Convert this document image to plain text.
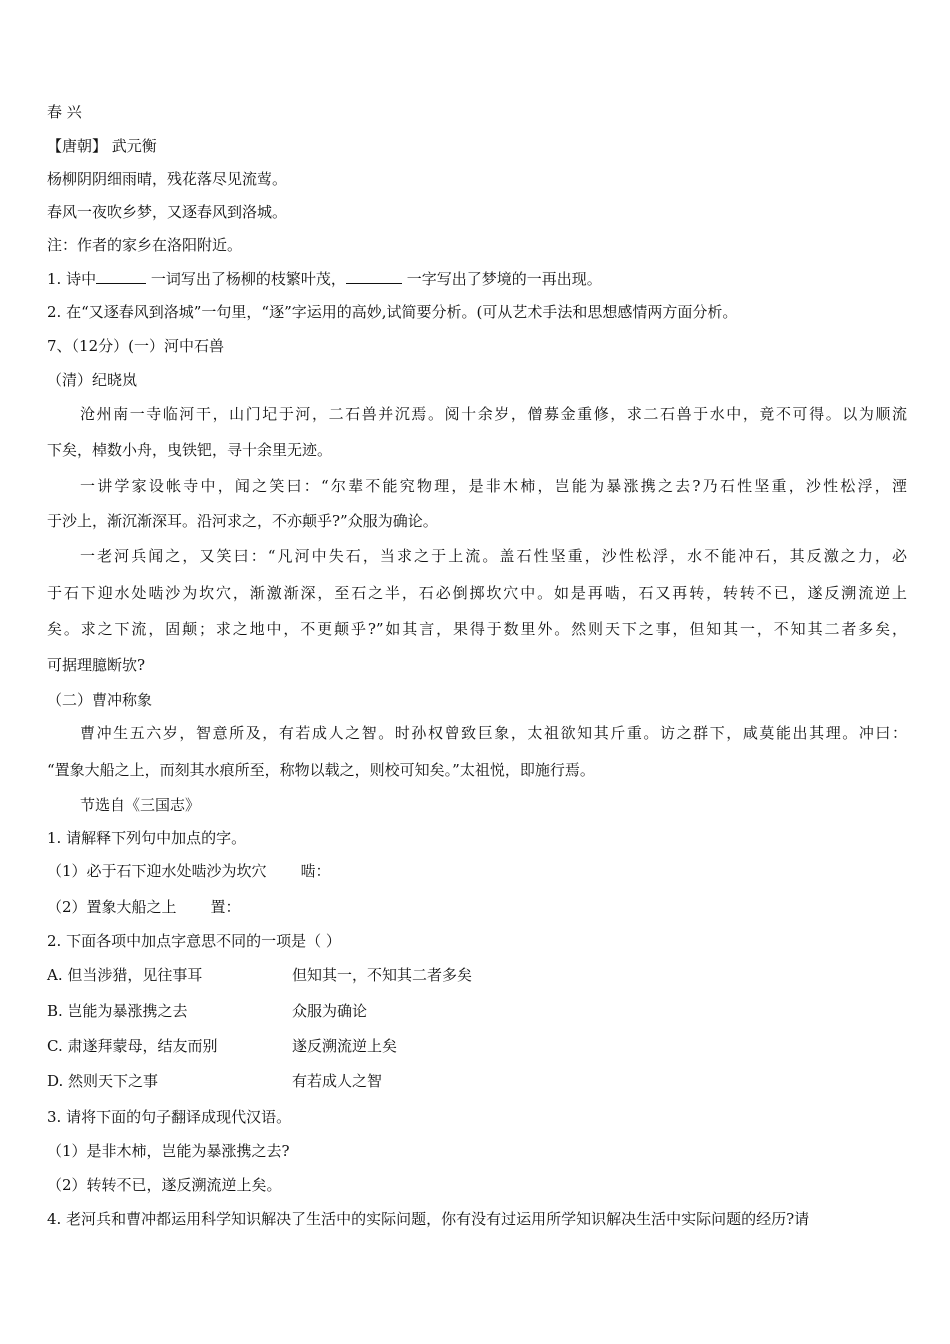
春 兴
【唐朝】 武元衡
杨柳阴阴细雨晴，残花落尽见流莺。
春风一夜吹乡梦，又逐春风到洛城。
注：作者的家乡在洛阳附近。
1. 诗中	一词写出了杨柳的枝繁叶茂，	一字写出了梦境的一再出现。
2. 在“又逐春风到洛城”一句里，“逐”字运用的高妙,试简要分析。(可从艺术手法和思想感情两方面分析。
7、（12分）(一）河中石兽
（清）纪晓岚
沧州南一寺临河干，山门圮于河，二石兽并沉焉。阅十余岁，僧募金重修，求二石兽于水中，竟不可得。以为顺流
下矣，棹数小舟，曳铁钯，寻十余里无迹。
一讲学家设帐寺中，闻之笑曰：“尔辈不能究物理，是非木柿，岂能为暴涨携之去?乃石性坚重，沙性松浮，湮
于沙上，渐沉渐深耳。沿河求之，不亦颠乎?”众服为确论。
一老河兵闻之，又笑曰：“凡河中失石，当求之于上流。盖石性坚重，沙性松浮，水不能冲石，其反激之力，必
于石下迎水处啮沙为坎穴，渐激渐深，至石之半，石必倒掷坎穴中。如是再啮，石又再转，转转不已，遂反溯流逆上
矣。求之下流，固颠；求之地中，不更颠乎?”如其言，果得于数里外。然则天下之事，但知其一，不知其二者多矣，
可据理臆断欤?
（二）曹冲称象
曹冲生五六岁，智意所及，有若成人之智。时孙权曾致巨象，太祖欲知其斤重。访之群下，咸莫能出其理。冲曰：
“置象大船之上，而刻其水痕所至，称物以载之，则校可知矣。”太祖悦，即施行焉。
节选自《三国志》
1. 请解释下列句中加点的字。
（1）必于石下迎水处啮沙为坎穴 啮：
（2）置象大船之上 置：
2. 下面各项中加点字意思不同的一项是（ ）
A. 但当涉猎，见往事耳	但知其一，不知其二者多矣
B. 岂能为暴涨携之去	众服为确论
C. 肃遂拜蒙母，结友而别	遂反溯流逆上矣
D. 然则天下之事	有若成人之智
3. 请将下面的句子翻译成现代汉语。
（1）是非木柿，岂能为暴涨携之去?
（2）转转不已，遂反溯流逆上矣。
4. 老河兵和曹冲都运用科学知识解决了生活中的实际问题，你有没有过运用所学知识解决生活中实际问题的经历?请
